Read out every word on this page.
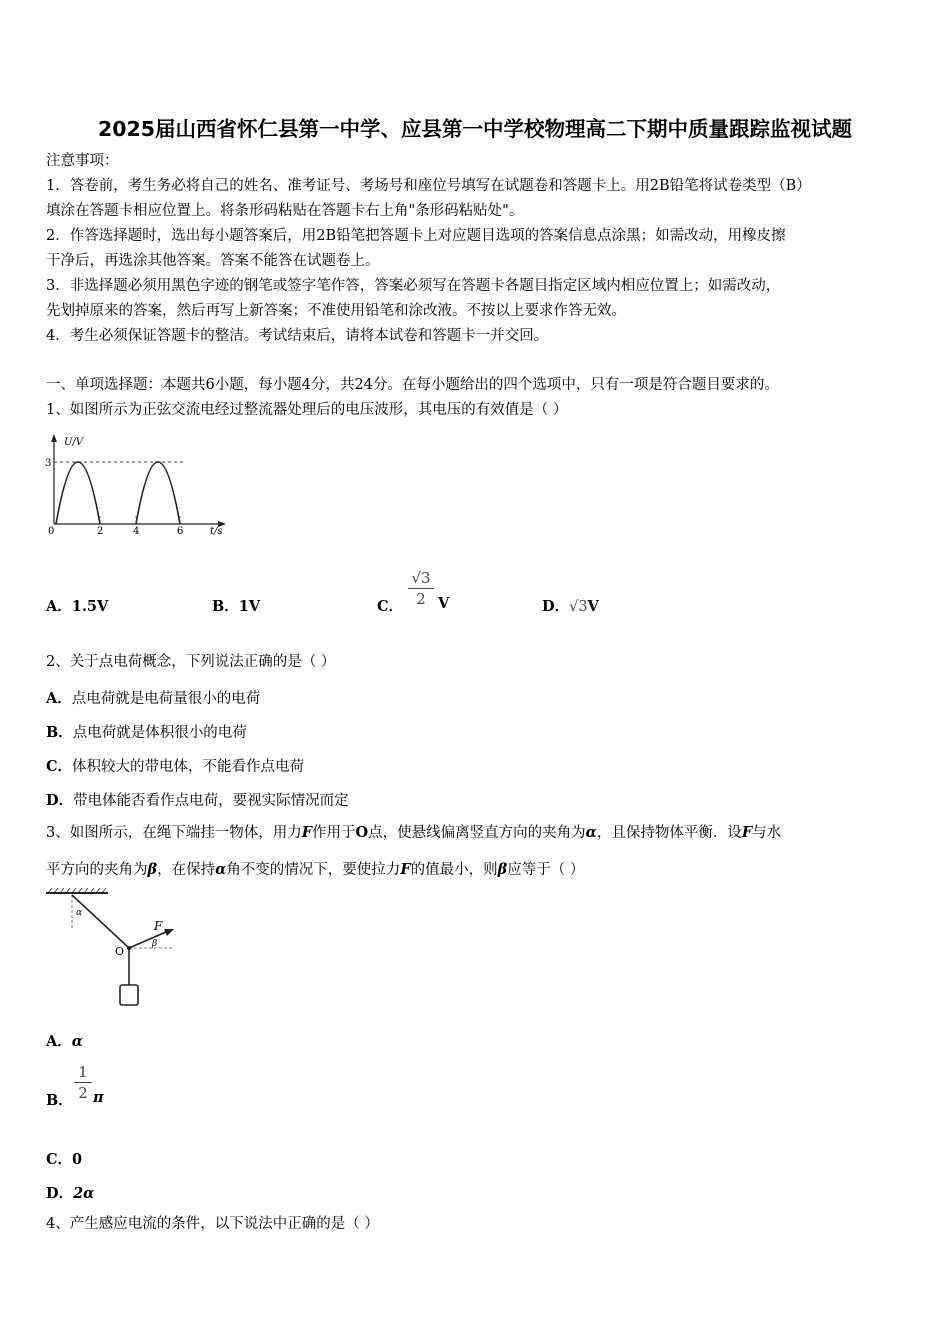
2025届山西省怀仁县第一中学、应县第一中学校物理高二下期中质量跟踪监视试题
注意事项：
1．答卷前，考生务必将自己的姓名、准考证号、考场号和座位号填写在试题卷和答题卡上。用2B铅笔将试卷类型（B）
填涂在答题卡相应位置上。将条形码粘贴在答题卡右上角"条形码粘贴处"。
2．作答选择题时，选出每小题答案后，用2B铅笔把答题卡上对应题目选项的答案信息点涂黑；如需改动，用橡皮擦
干净后，再选涂其他答案。答案不能答在试题卷上。
3．非选择题必须用黑色字迹的钢笔或签字笔作答，答案必须写在答题卡各题目指定区域内相应位置上；如需改动，
先划掉原来的答案，然后再写上新答案；不准使用铅笔和涂改液。不按以上要求作答无效。
4．考生必须保证答题卡的整洁。考试结束后，请将本试卷和答题卡一并交回。
一、单项选择题：本题共6小题，每小题4分，共24分。在每小题给出的四个选项中，只有一项是符合题目要求的。
1、如图所示为正弦交流电经过整流器处理后的电压波形，其电压的有效值是（ ）
U/V
3
t/s
0	2	4	6
A．1.5V	B．1V	C．
√3
2 V	D．√3V
2、关于点电荷概念，下列说法正确的是（ ）
A．点电荷就是电荷量很小的电荷
B．点电荷就是体积很小的电荷
C．体积较大的带电体，不能看作点电荷
D．带电体能否看作点电荷，要视实际情况而定
3、如图所示，在绳下端挂一物体，用力F作用于O点，使悬线偏离竖直方向的夹角为α，且保持物体平衡．设F与水
平方向的夹角为β，在保持α角不变的情况下，要使拉力F的值最小，则β应等于（ ）
α
F
β
O
A．α
B．
1
2 π
C．0
D．2α
4、产生感应电流的条件，以下说法中正确的是（ ）
